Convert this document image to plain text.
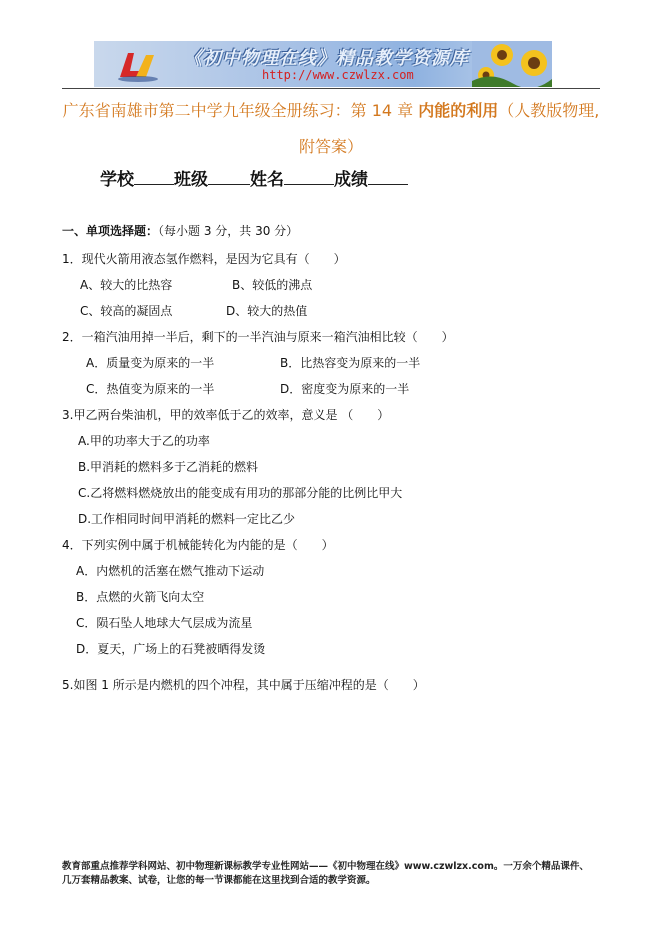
《初中物理在线》精品教学资源库
http://www.czwlzx.com
广东省南雄市第二中学九年级全册练习：第 14 章 内能的利用（人教版物理,
附答案）
学校 班级 姓名	成绩
一、单项选择题：（每小题 3 分，共 30 分）
1．现代火箭用液态氢作燃料，是因为它具有（　　）
A、较大的比热容	B、较低的沸点
C、较高的凝固点	D、较大的热值
2．一箱汽油用掉一半后，剩下的一半汽油与原来一箱汽油相比较（　　）
A．质量变为原来的一半	B．比热容变为原来的一半
C．热值变为原来的一半	D．密度变为原来的一半
3.甲乙两台柴油机，甲的效率低于乙的效率，意义是 （　　）
A.甲的功率大于乙的功率
B.甲消耗的燃料多于乙消耗的燃料
C.乙将燃料燃烧放出的能变成有用功的那部分能的比例比甲大
D.工作相同时间甲消耗的燃料一定比乙少
4．下列实例中属于机械能转化为内能的是（　　）
A．内燃机的活塞在燃气推动下运动
B．点燃的火箭飞向太空
C．陨石坠人地球大气层成为流星
D．夏天，广场上的石凳被晒得发烫
5.如图 1 所示是内燃机的四个冲程，其中属于压缩冲程的是（　　）
教育部重点推荐学科网站、初中物理新课标教学专业性网站——《初中物理在线》www.czwlzx.com。一万余个精品课件、
几万套精品教案、试卷，让您的每一节课都能在这里找到合适的教学资源。
